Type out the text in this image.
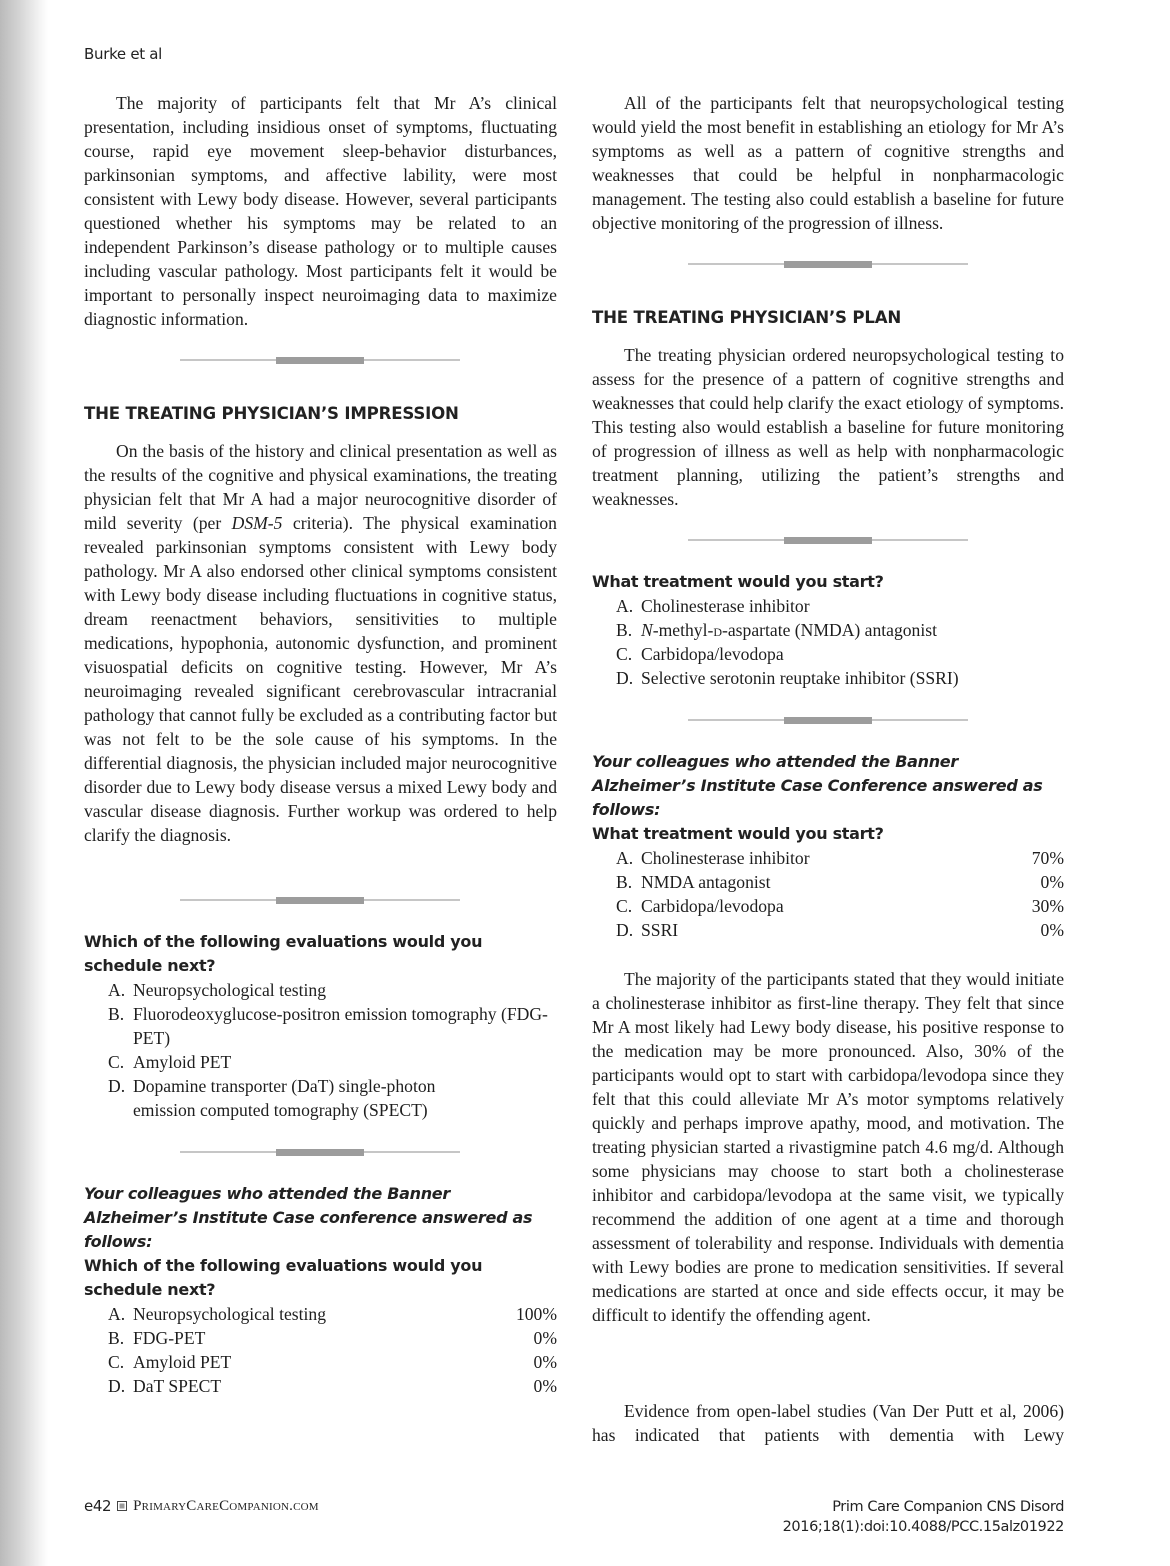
Burke et al

The majority of participants felt that Mr A’s clinical presentation, including insidious onset of symptoms, fluctuating course, rapid eye movement sleep-behavior disturbances, parkinsonian symptoms, and affective lability, were most consistent with Lewy body disease. However, several participants questioned whether his symptoms may be related to an independent Parkinson’s disease pathology or to multiple causes including vascular pathology. Most participants felt it would be important to personally inspect neuroimaging data to maximize diagnostic information.

THE TREATING PHYSICIAN’S IMPRESSION

On the basis of the history and clinical presentation as well as the results of the cognitive and physical examinations, the treating physician felt that Mr A had a major neurocognitive disorder of mild severity (per DSM-5 criteria). The physical examination revealed parkinsonian symptoms consistent with Lewy body pathology. Mr A also endorsed other clinical symptoms consistent with Lewy body disease including fluctuations in cognitive status, dream reenactment behaviors, sensitivities to multiple medications, hypophonia, autonomic dysfunction, and prominent visuospatial deficits on cognitive testing. However, Mr A’s neuroimaging revealed significant cerebrovascular intracranial pathology that cannot fully be excluded as a contributing factor but was not felt to be the sole cause of his symptoms. In the differential diagnosis, the physician included major neurocognitive disorder due to Lewy body disease versus a mixed Lewy body and vascular disease diagnosis. Further workup was ordered to help clarify the diagnosis.

Which of the following evaluations would you schedule next?
A. Neuropsychological testing
B. Fluorodeoxyglucose-positron emission tomography (FDG-PET)
C. Amyloid PET
D. Dopamine transporter (DaT) single-photon emission computed tomography (SPECT)
Your colleagues who attended the Banner Alzheimer’s Institute Case conference answered as follows:
Which of the following evaluations would you schedule next?
A. Neuropsychological testing	100%
B. FDG-PET	0%
C. Amyloid PET	0%
D. DaT SPECT	0%

All of the participants felt that neuropsychological testing would yield the most benefit in establishing an etiology for Mr A’s symptoms as well as a pattern of cognitive strengths and weaknesses that could be helpful in nonpharmacologic management. The testing also could establish a baseline for future objective monitoring of the progression of illness.

THE TREATING PHYSICIAN’S PLAN

The treating physician ordered neuropsychological testing to assess for the presence of a pattern of cognitive strengths and weaknesses that could help clarify the exact etiology of symptoms. This testing also would establish a baseline for future monitoring of progression of illness as well as help with nonpharmacologic treatment planning, utilizing the patient’s strengths and weaknesses.

What treatment would you start?
A. Cholinesterase inhibitor
B. N-methyl-d-aspartate (NMDA) antagonist
C. Carbidopa/levodopa
D. Selective serotonin reuptake inhibitor (SSRI)
Your colleagues who attended the Banner Alzheimer’s Institute Case Conference answered as follows:
What treatment would you start?
A. Cholinesterase inhibitor	70%
B. NMDA antagonist	0%
C. Carbidopa/levodopa	30%
D. SSRI	0%

The majority of the participants stated that they would initiate a cholinesterase inhibitor as first-line therapy. They felt that since Mr A most likely had Lewy body disease, his positive response to the medication may be more pronounced. Also, 30% of the participants would opt to start with carbidopa/levodopa since they felt that this could alleviate Mr A’s motor symptoms relatively quickly and perhaps improve apathy, mood, and motivation. The treating physician started a rivastigmine patch 4.6 mg/d. Although some physicians may choose to start both a cholinesterase inhibitor and carbidopa/levodopa at the same visit, we typically recommend the addition of one agent at a time and thorough assessment of tolerability and response. Individuals with dementia with Lewy bodies are prone to medication sensitivities. If several medications are started at once and side effects occur, it may be difficult to identify the offending agent.

Evidence from open-label studies (Van Der Putt et al, 2006) has indicated that patients with dementia with Lewy

e42 PrimaryCareCompanion.com	Prim Care Companion CNS Disord
2016;18(1):doi:10.4088/PCC.15alz01922
